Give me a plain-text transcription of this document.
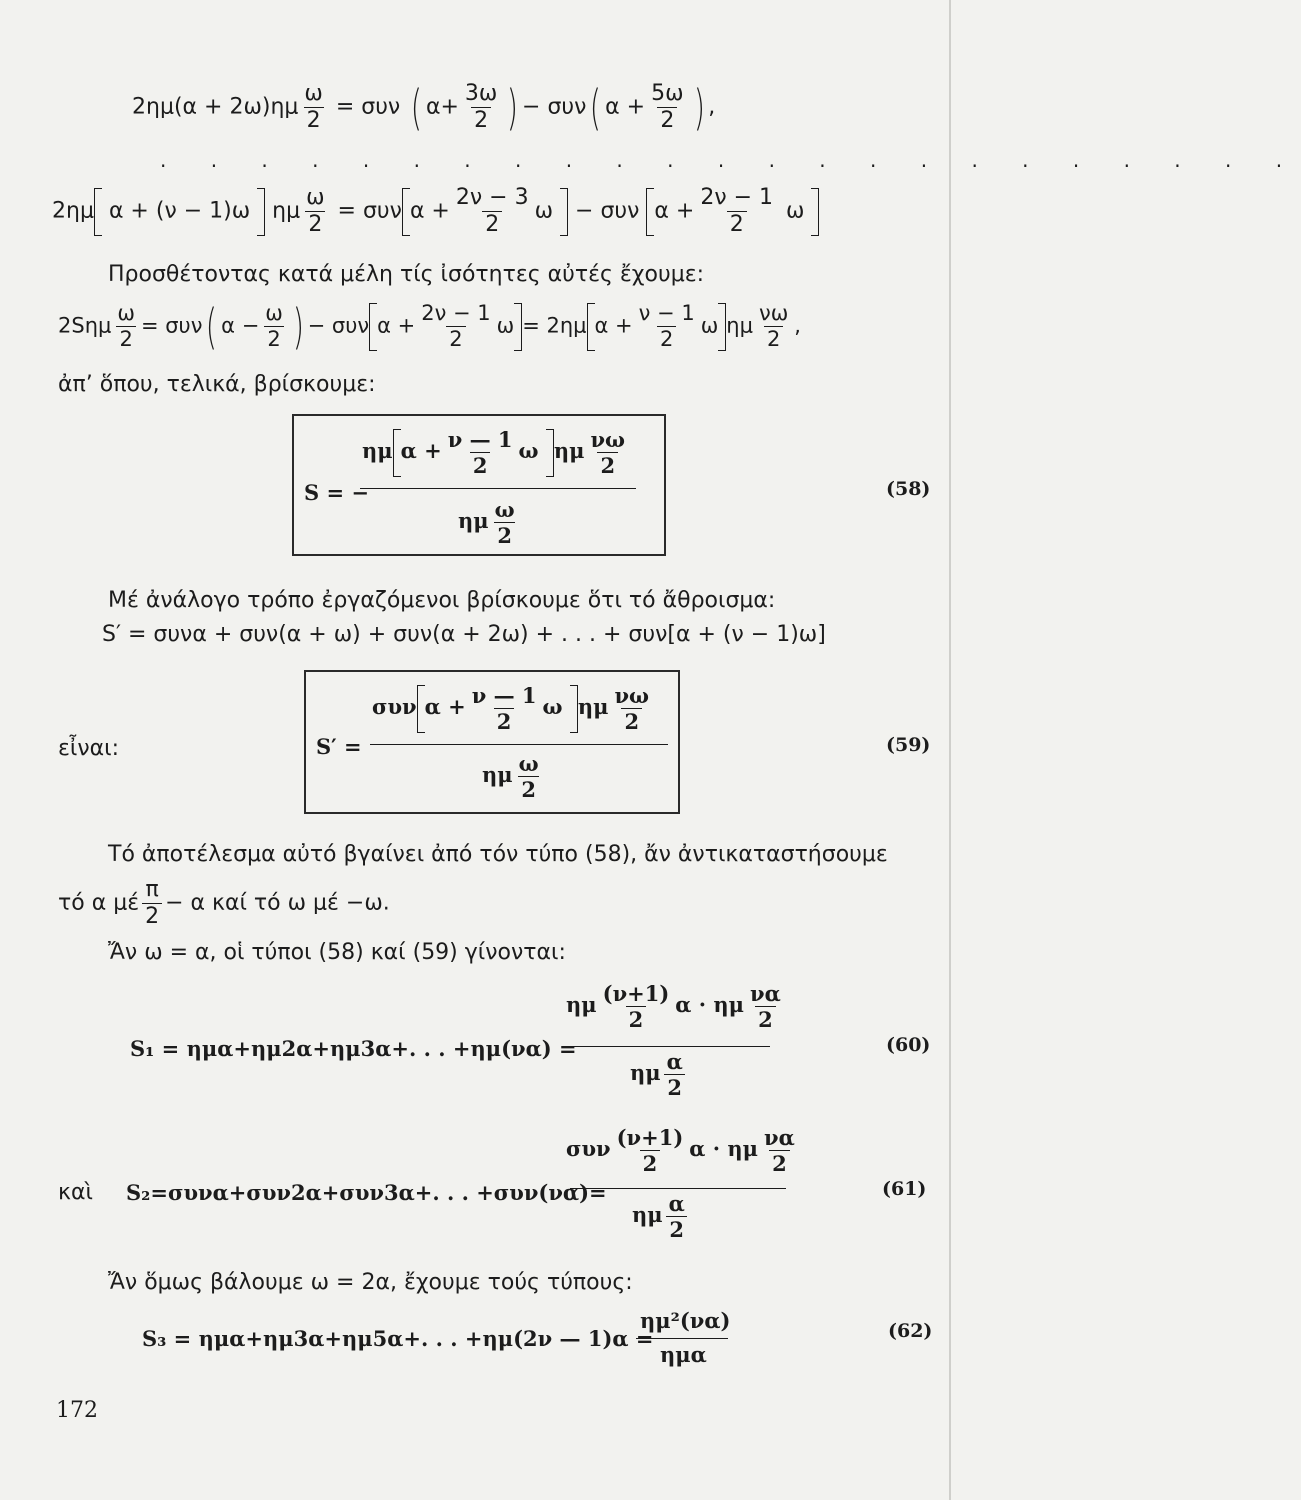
$2\eta\mu(\alpha + 2\omega)\eta\mu \frac{\omega}{2} = \sigma\upsilon\nu$ ( $\alpha+ \frac{3\omega}{2}$ ) − συν( $\alpha + \frac{5\omega}{2}$ ) ,
. . . . . . . . . . . . . . . . . . . . . . .
2ημ α + (ν − 1)ω ημ $\frac{\omega}{2} = \sigma\upsilon\nu$ $\alpha + \frac{2\nu - 3}{2}$ ω − συν $\alpha + \frac{2\nu - 1}{2}$ ω
Προσθέτοντας κατά μέλη τίς ἰσότητες αὐτές ἔχουμε:
$2S\eta\mu \frac{\omega}{2} = \sigma\upsilon\nu$( $\alpha - \frac{\omega}{2}$ ) − συν $\alpha + \frac{2\nu - 1}{2}$ ω = 2ημ $\alpha + \frac{\nu - 1}{2}$ ω ημ $\frac{\nu\omega}{2}$ ,
ἀπ’ ὅπου, τελικά, βρίσκουμε:
S = −
ημ $\alpha + \frac{\nu — 1}{2}$ ω ημ $\frac{\nu\omega}{2}$
ημ $\frac{\omega}{2}$
(58)
Μέ ἀνάλογο τρόπο ἐργαζόμενοι βρίσκουμε ὅτι τό ἄθροισμα:
S′ = συνα + συν(α + ω) + συν(α + 2ω) + . . . + συν[α + (ν − 1)ω]
εἶναι:	S′ =
συν $\alpha + \frac{\nu — 1}{2}$ ω ημ $\frac{\nu\omega}{2}$
ημ $\frac{\omega}{2}$
(59)
Τό ἀποτέλεσμα αὐτό βγαίνει ἀπό τόν τύπο (58), ἄν ἀντικαταστήσουμε
τό α μέ $\frac{\pi}{2} - \alpha$ καί τό ω μέ −ω.
Ἄν ω = α, οἱ τύποι (58) καί (59) γίνονται:
S₁ = ημα+ημ2α+ημ3α+. . . +ημ(να) =
ημ $\frac{(\nu+1)}{2}$ α · ημ $\frac{\nu\alpha}{2}$
ημ $\frac{\alpha}{2}$
(60)
καὶ S₂=συνα+συν2α+συν3α+. . . +συν(να)=
συν $\frac{(\nu+1)}{2}$ α · ημ $\frac{\nu\alpha}{2}$
ημ $\frac{\alpha}{2}$
(61)
Ἄν ὅμως βάλουμε ω = 2α, ἔχουμε τούς τύπους:
S₃ = ημα+ημ3α+ημ5α+. . . +ημ(2ν — 1)α =
ημ²(να)
ημα
(62)
172
